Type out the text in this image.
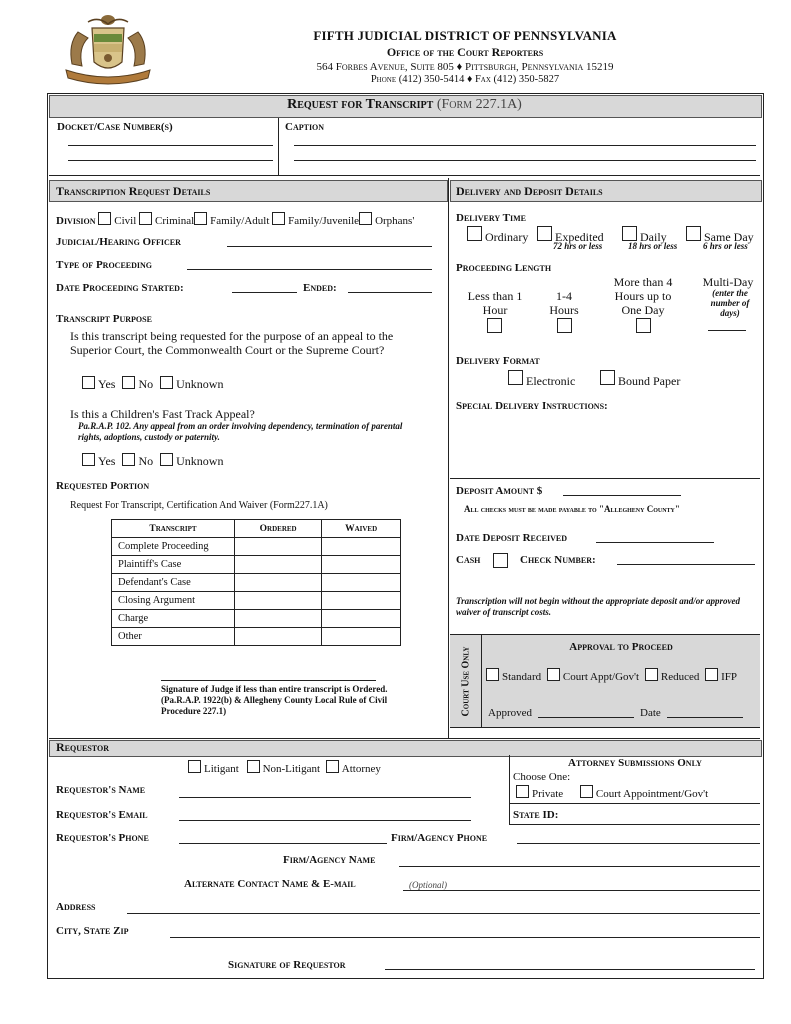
FIFTH JUDICIAL DISTRICT OF PENNSYLVANIA
Office of the Court Reporters
564 Forbes Avenue, Suite 805 ♦ Pittsburgh, Pennsylvania 15219
Phone (412) 350-5414 ♦ Fax (412) 350-5827
Request for Transcript (Form 227.1A)
Docket/Case Number(s)	Caption
Transcription Request Details
Division Civil Criminal Family/Adult Family/Juvenile Orphans'
Judicial/Hearing Officer
Type of Proceeding
Date Proceeding Started:	Ended:
Transcript Purpose
Is this transcript being requested for the purpose of an appeal to the Superior Court, the Commonwealth Court or the Supreme Court?
Yes No Unknown
Is this a Children's Fast Track Appeal?
Pa.R.A.P. 102. Any appeal from an order involving dependency, termination of parental rights, adoptions, custody or paternity.
Yes No Unknown
Requested Portion
Request For Transcript, Certification And Waiver (Form227.1A)
Transcript	Ordered	Waived
Complete Proceeding		
Plaintiff's Case		
Defendant's Case		
Closing Argument		
Charge		
Other		
Signature of Judge if less than entire transcript is Ordered. (Pa.R.A.P. 1922(b) & Allegheny County Local Rule of Civil Procedure 227.1)
Delivery and Deposit Details
Delivery Time
Ordinary	Expedited	Daily	Same Day
72 hrs or less	18 hrs or less	6 hrs or less
Proceeding Length
Less than 1 Hour
1-4 Hours
More than 4 Hours up to One Day
Multi-Day
(enter the number of days)
Delivery Format
Electronic	Bound Paper
Special Delivery Instructions:
Deposit Amount $
All checks must be made payable to "Allegheny County"
Date Deposit Received
Cash	Check Number:
Transcription will not begin without the appropriate deposit and/or approved waiver of transcript costs.
Court Use Only	Approval to Proceed
Standard Court Appt/Gov't Reduced IFP
Approved	Date
Requestor
Litigant Non-Litigant Attorney	Attorney Submissions Only
Choose One:
Private	Court Appointment/Gov't
State ID:
Requestor's Name
Requestor's Email
Requestor's Phone	Firm/Agency Phone
Firm/Agency Name
Alternate Contact Name & E-mail	(Optional)
Address
City, State Zip
Signature of Requestor
